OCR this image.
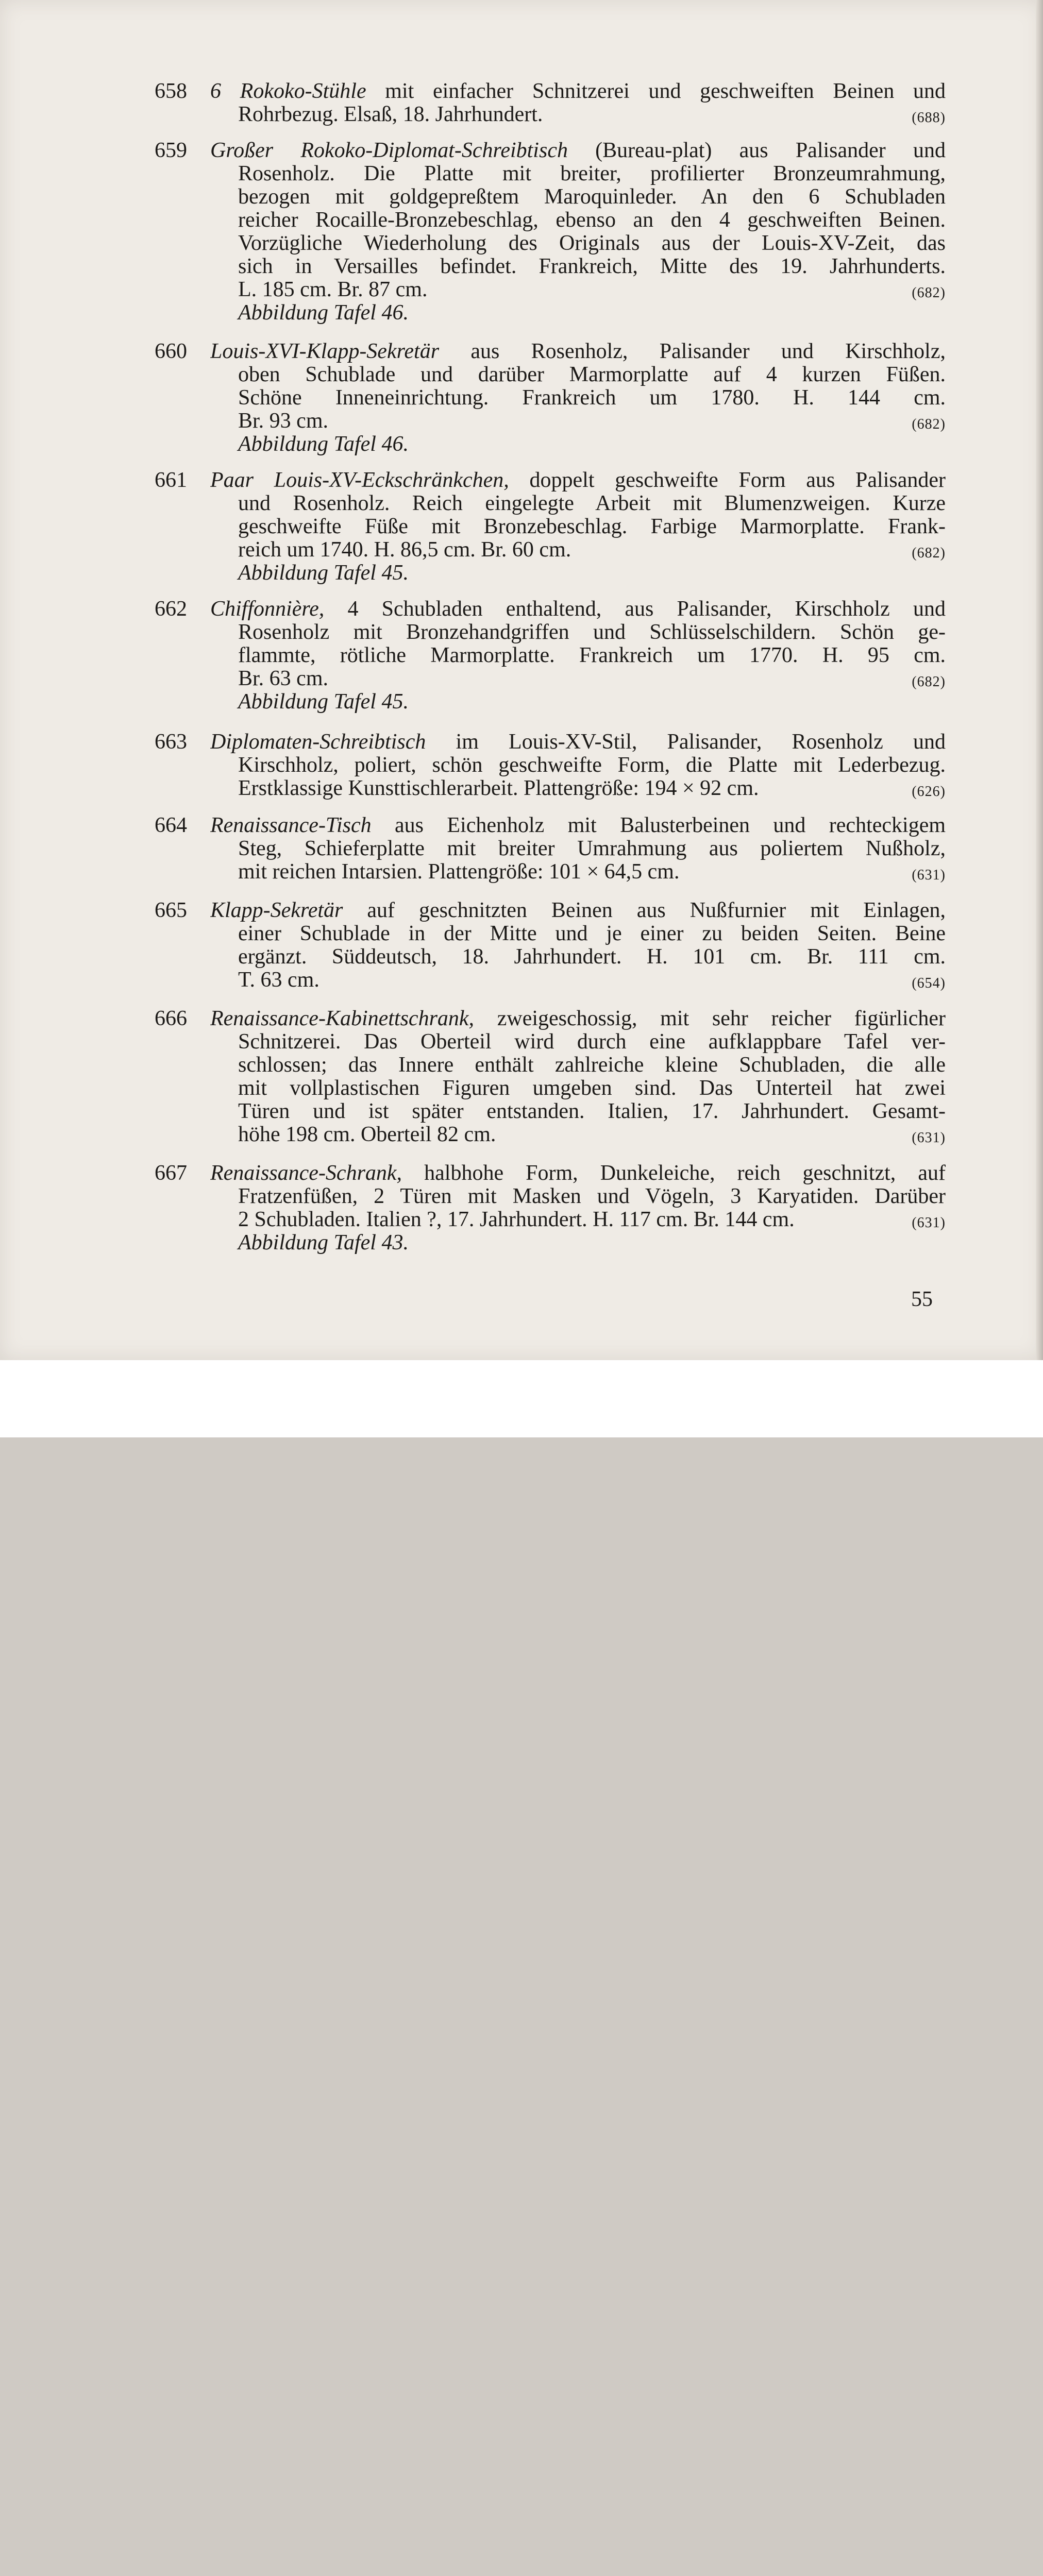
658	6 Rokoko-Stühle mit einfacher Schnitzerei und geschweiften Beinen und
Rohrbezug. Elsaß, 18. Jahrhundert.	(688)
659	Großer Rokoko-Diplomat-Schreibtisch (Bureau-plat) aus Palisander und
Rosenholz. Die Platte mit breiter, profilierter Bronzeumrahmung,
bezogen mit goldgepreßtem Maroquinleder. An den 6 Schubladen
reicher Rocaille-Bronzebeschlag, ebenso an den 4 geschweiften Beinen.
Vorzügliche Wiederholung des Originals aus der Louis-XV-Zeit, das
sich in Versailles befindet. Frankreich, Mitte des 19. Jahrhunderts.
L. 185 cm. Br. 87 cm.	(682)
Abbildung Tafel 46.
660	Louis-XVI-Klapp-Sekretär aus Rosenholz, Palisander und Kirschholz,
oben Schublade und darüber Marmorplatte auf 4 kurzen Füßen.
Schöne Inneneinrichtung. Frankreich um 1780. H. 144 cm.
Br. 93 cm.	(682)
Abbildung Tafel 46.
661	Paar Louis-XV-Eckschränkchen, doppelt geschweifte Form aus Palisander
und Rosenholz. Reich eingelegte Arbeit mit Blumenzweigen. Kurze
geschweifte Füße mit Bronzebeschlag. Farbige Marmorplatte. Frank-
reich um 1740. H. 86,5 cm. Br. 60 cm.	(682)
Abbildung Tafel 45.
662	Chiffonnière, 4 Schubladen enthaltend, aus Palisander, Kirschholz und
Rosenholz mit Bronzehandgriffen und Schlüsselschildern. Schön ge-
flammte, rötliche Marmorplatte. Frankreich um 1770. H. 95 cm.
Br. 63 cm.	(682)
Abbildung Tafel 45.
663	Diplomaten-Schreibtisch im Louis-XV-Stil, Palisander, Rosenholz und
Kirschholz, poliert, schön geschweifte Form, die Platte mit Lederbezug.
Erstklassige Kunsttischlerarbeit. Plattengröße: 194 × 92 cm.	(626)
664	Renaissance-Tisch aus Eichenholz mit Balusterbeinen und rechteckigem
Steg, Schieferplatte mit breiter Umrahmung aus poliertem Nußholz,
mit reichen Intarsien. Plattengröße: 101 × 64,5 cm.	(631)
665	Klapp-Sekretär auf geschnitzten Beinen aus Nußfurnier mit Einlagen,
einer Schublade in der Mitte und je einer zu beiden Seiten. Beine
ergänzt. Süddeutsch, 18. Jahrhundert. H. 101 cm. Br. 111 cm.
T. 63 cm.	(654)
666	Renaissance-Kabinettschrank, zweigeschossig, mit sehr reicher figürlicher
Schnitzerei. Das Oberteil wird durch eine aufklappbare Tafel ver-
schlossen; das Innere enthält zahlreiche kleine Schubladen, die alle
mit vollplastischen Figuren umgeben sind. Das Unterteil hat zwei
Türen und ist später entstanden. Italien, 17. Jahrhundert. Gesamt-
höhe 198 cm. Oberteil 82 cm.	(631)
667	Renaissance-Schrank, halbhohe Form, Dunkeleiche, reich geschnitzt, auf
Fratzenfüßen, 2 Türen mit Masken und Vögeln, 3 Karyatiden. Darüber
2 Schubladen. Italien ?, 17. Jahrhundert. H. 117 cm. Br. 144 cm.	(631)
Abbildung Tafel 43.
55
